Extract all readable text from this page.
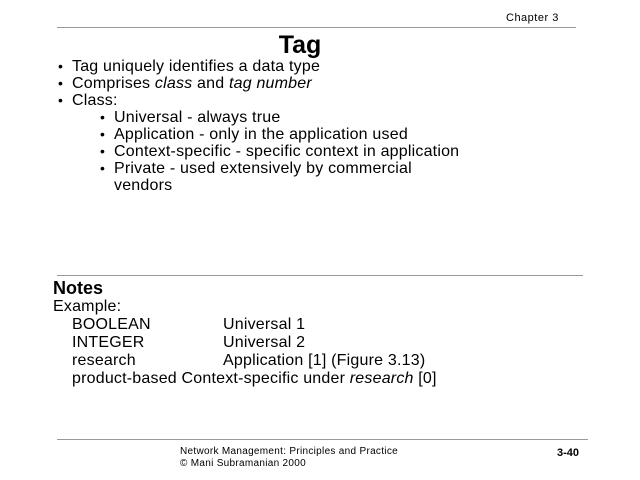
Chapter 3
Tag
• Tag uniquely identifies a data type
• Comprises class and tag number
• Class:
• Universal - always true
• Application - only in the application used
• Context-specific - specific context in application
• Private - used extensively by commercial
vendors
Notes
Example:
BOOLEAN	Universal 1
INTEGER	Universal 2
research	Application [1] (Figure 3.13)
product-based Context-specific under research [0]
Network Management: Principles and Practice
© Mani Subramanian 2000
3-40
